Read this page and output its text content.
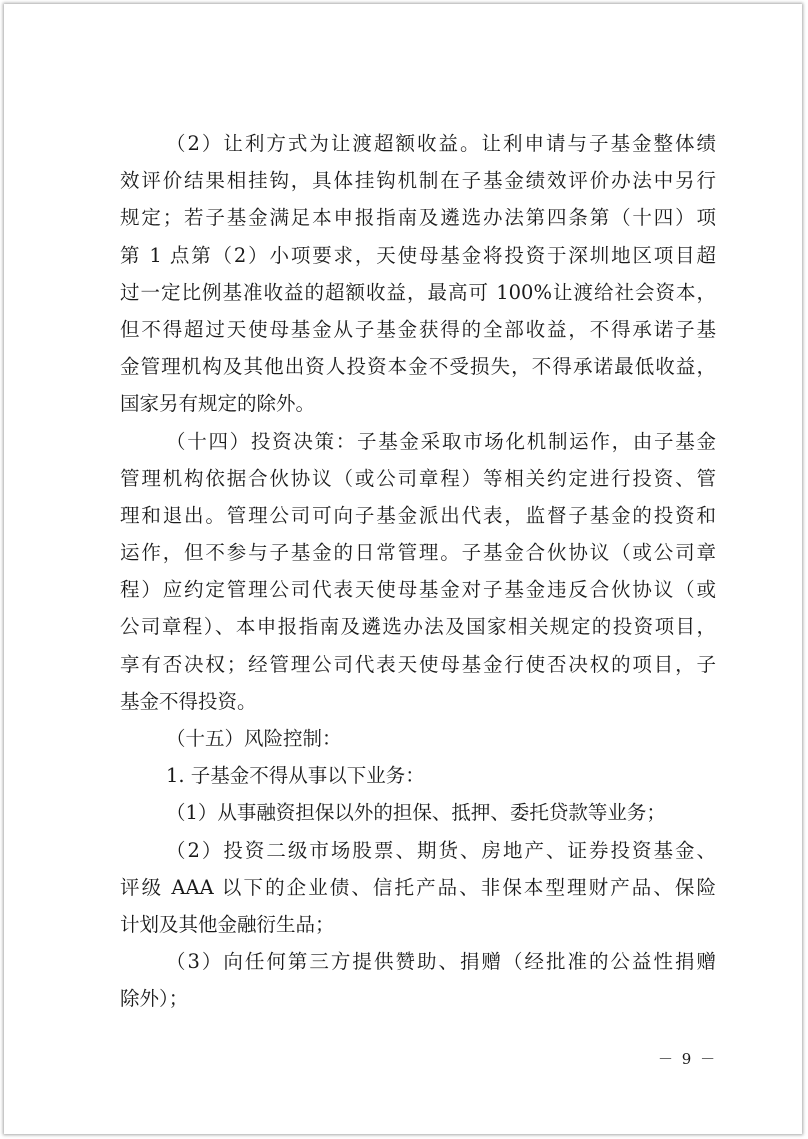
（2）让利方式为让渡超额收益。让利申请与子基金整体绩
效评价结果相挂钩，具体挂钩机制在子基金绩效评价办法中另行
规定；若子基金满足本申报指南及遴选办法第四条第（十四）项
第 1 点第（2）小项要求，天使母基金将投资于深圳地区项目超
过一定比例基准收益的超额收益，最高可 100%让渡给社会资本，
但不得超过天使母基金从子基金获得的全部收益，不得承诺子基
金管理机构及其他出资人投资本金不受损失，不得承诺最低收益，
国家另有规定的除外。
（十四）投资决策：子基金采取市场化机制运作，由子基金
管理机构依据合伙协议（或公司章程）等相关约定进行投资、管
理和退出。管理公司可向子基金派出代表，监督子基金的投资和
运作，但不参与子基金的日常管理。子基金合伙协议（或公司章
程）应约定管理公司代表天使母基金对子基金违反合伙协议（或
公司章程）、本申报指南及遴选办法及国家相关规定的投资项目，
享有否决权；经管理公司代表天使母基金行使否决权的项目，子
基金不得投资。
（十五）风险控制：
1. 子基金不得从事以下业务：
（1）从事融资担保以外的担保、抵押、委托贷款等业务；
（2）投资二级市场股票、期货、房地产、证券投资基金、
评级 AAA 以下的企业债、信托产品、非保本型理财产品、保险
计划及其他金融衍生品；
（3）向任何第三方提供赞助、捐赠（经批准的公益性捐赠
除外）；
－ 9 －
